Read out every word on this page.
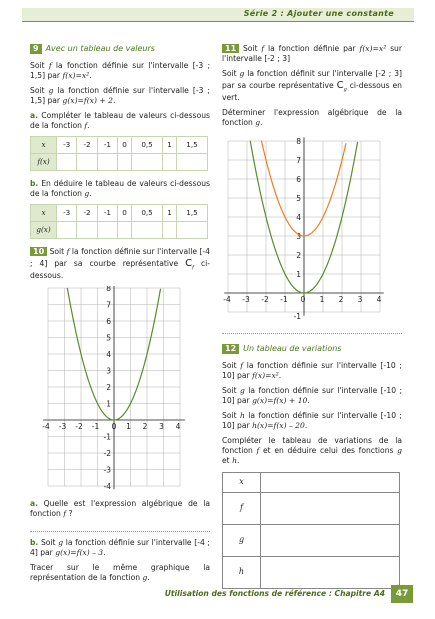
Série 2 : Ajouter une constante
9 Avec un tableau de valeurs

Soit f la fonction définie sur l'intervalle [-3 ; 1,5] par f(x)=x².

Soit g la fonction définie sur l'intervalle [-3 ; 1,5] par g(x)=f(x) + 2.

a. Compléter le tableau de valeurs ci-dessous de la fonction f.

x	-3	-2	-1	0	0,5	1	1,5
f(x)							

b. En déduire le tableau de valeurs ci-dessous de la fonction g.

x	-3	-2	-1	0	0,5	1	1,5
g(x)							

10 Soit f la fonction définie sur l'intervalle [-4 ; 4] par sa courbe représentative $C_f$ ci-dessous.

-4 -3 -2 -1 0 1 2 3 4
1
2
3
4
5
6
7
8
-1
-2
-3
-4

a. Quelle est l'expression algébrique de la fonction f ?

b. Soit g la fonction définie sur l'intervalle [-4 ; 4] par g(x)=f(x) – 3.

Tracer sur le même graphique la représentation de la fonction g.

11 Soit f la fonction définie par f(x)=x² sur l'intervalle [-2 ; 3]

Soit g la fonction définit sur l'intervalle [-2 ; 3] par sa courbe représentative $C_g$ ci-dessous en vert.

Déterminer l'expression algébrique de la fonction g.

-4 -3 -2 -1 0 1 2 3 4
1
2
3
4
5
6
7
8
-1
12 Un tableau de variations

Soit f la fonction définie sur l'intervalle [-10 ; 10] par f(x)=x².

Soit g la fonction définie sur l'intervalle [-10 ; 10] par g(x)=f(x) + 10.

Soit h la fonction définie sur l'intervalle [-10 ; 10] par h(x)=f(x) – 20.

Compléter le tableau de variations de la fonction f et en déduire celui des fonctions g et h.

x	
f	
g	
h	
Utilisation des fonctions de référence : Chapitre A4	47
